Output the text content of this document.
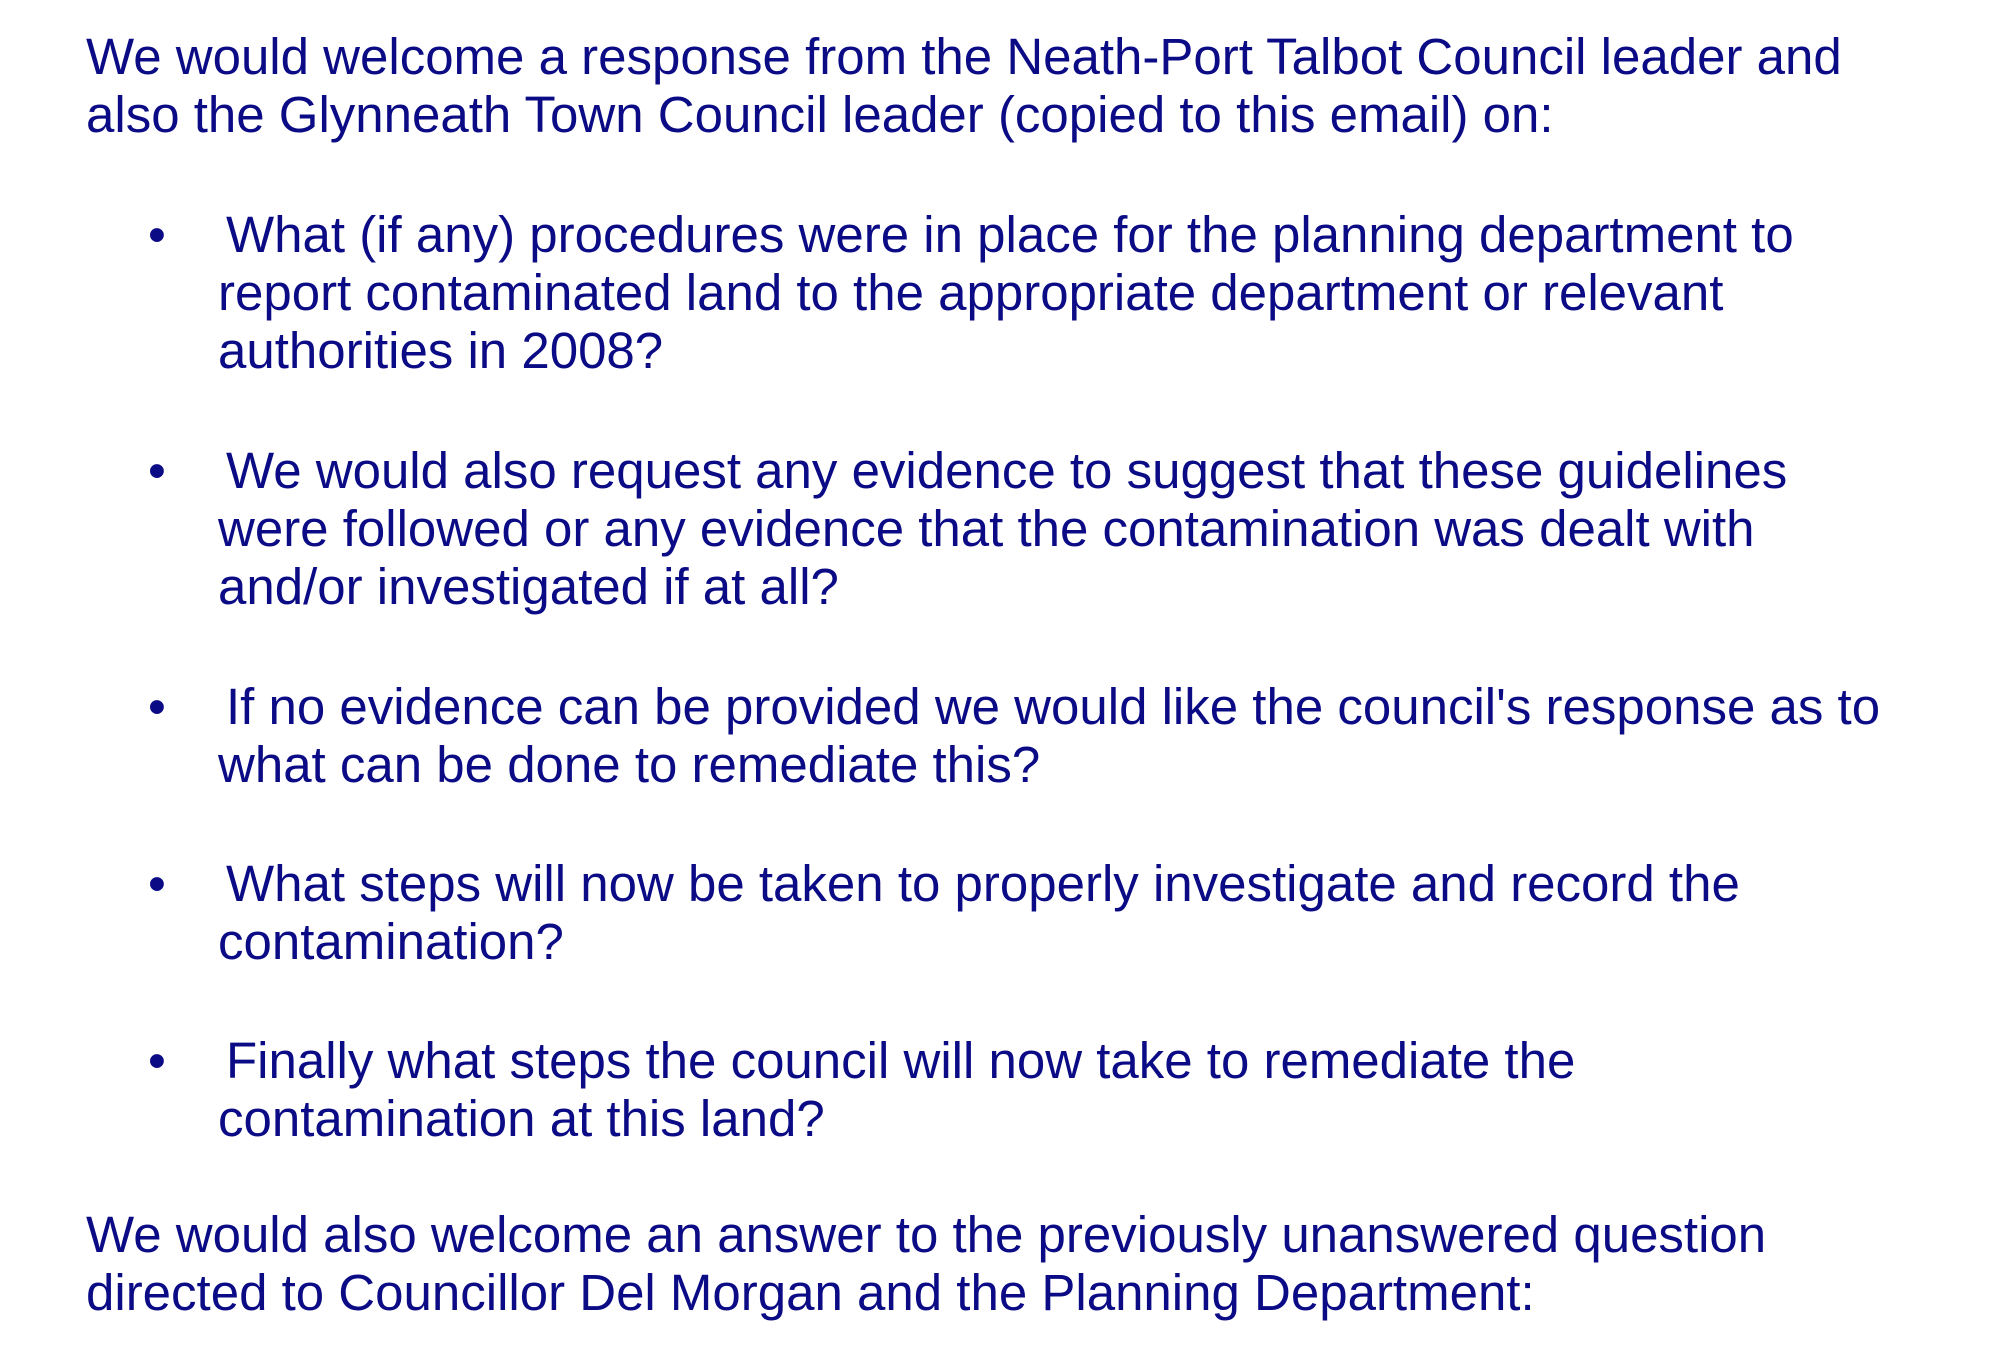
We would welcome a response from the Neath-Port Talbot Council leader and also the Glynneath Town Council leader (copied to this email) on:

• What (if any) procedures were in place for the planning department to report contaminated land to the appropriate department or relevant authorities in 2008?

• We would also request any evidence to suggest that these guidelines were followed or any evidence that the contamination was dealt with and/or investigated if at all?

• If no evidence can be provided we would like the council's response as to what can be done to remediate this?

• What steps will now be taken to properly investigate and record the contamination?

• Finally what steps the council will now take to remediate the contamination at this land?

We would also welcome an answer to the previously unanswered question directed to Councillor Del Morgan and the Planning Department:
